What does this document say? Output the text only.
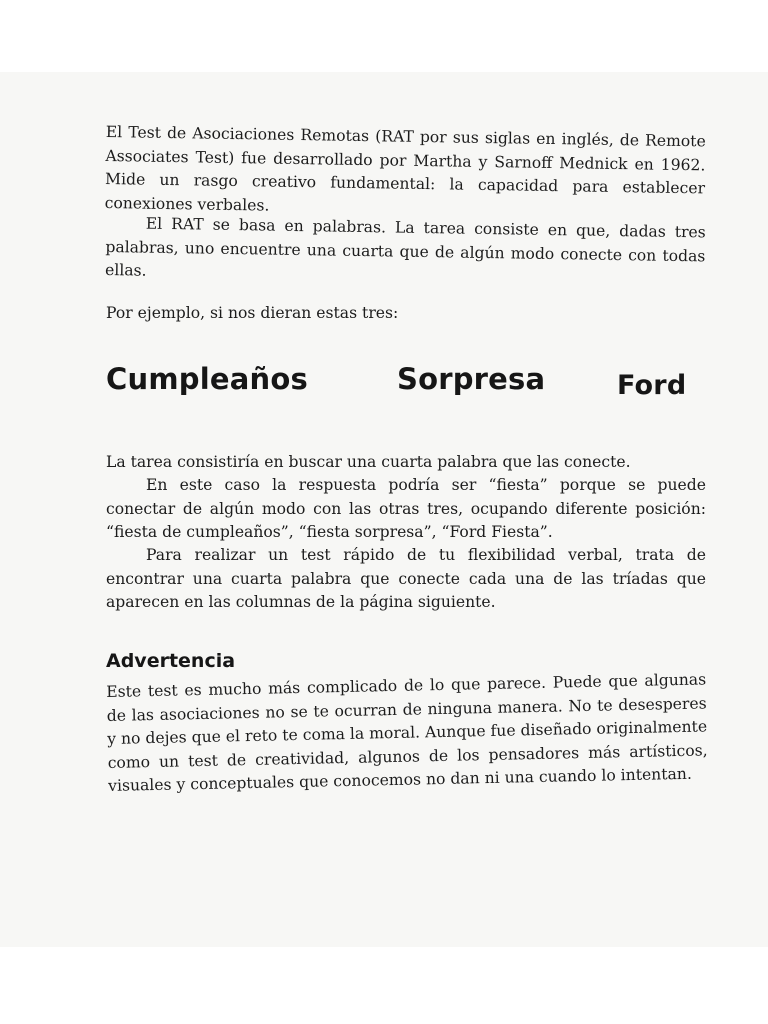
El Test de Asociaciones Remotas (RAT por sus siglas en inglés, de Remote Associates Test) fue desarrollado por Martha y Sarnoff Mednick en 1962. Mide un rasgo creativo fundamental: la capacidad para establecer conexiones verbales.

El RAT se basa en palabras. La tarea consiste en que, dadas tres palabras, uno encuentre una cuarta que de algún modo conecte con todas ellas.

Por ejemplo, si nos dieran estas tres:

Cumpleaños	Sorpresa	Ford

La tarea consistiría en buscar una cuarta palabra que las conecte.

En este caso la respuesta podría ser “fiesta” porque se puede conectar de algún modo con las otras tres, ocupando diferente posición: “fiesta de cumpleaños”, “fiesta sorpresa”, “Ford Fiesta”.

Para realizar un test rápido de tu flexibilidad verbal, trata de encontrar una cuarta palabra que conecte cada una de las tríadas que aparecen en las columnas de la página siguiente.

Advertencia

Este test es mucho más complicado de lo que parece. Puede que algunas de las asociaciones no se te ocurran de ninguna manera. No te desesperes y no dejes que el reto te coma la moral. Aunque fue diseñado originalmente como un test de creatividad, algunos de los pensadores más artísticos, visuales y conceptuales que conocemos no dan ni una cuando lo intentan.
